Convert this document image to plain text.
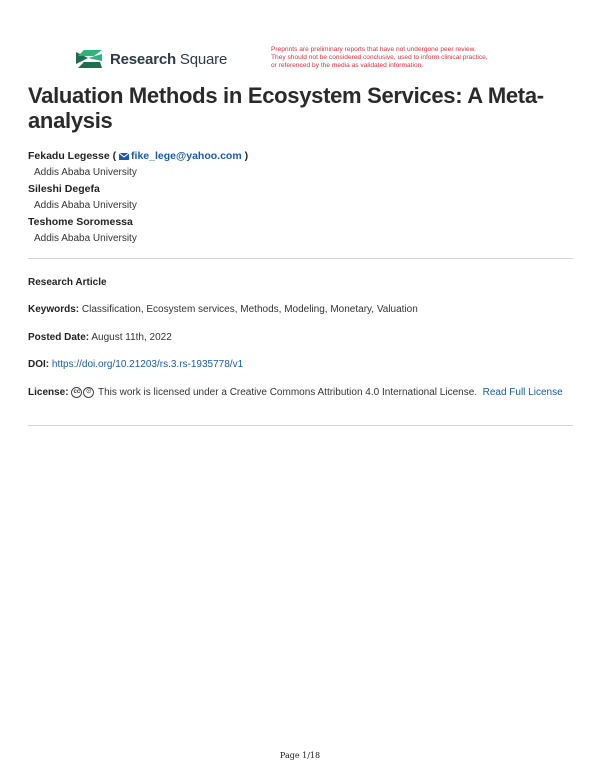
Research Square
Preprints are preliminary reports that have not undergone peer review.
They should not be considered conclusive, used to inform clinical practice,
or referenced by the media as validated information.
Valuation Methods in Ecosystem Services: A Meta-analysis
Fekadu Legesse ( fike_lege@yahoo.com )
Addis Ababa University
Sileshi Degefa
Addis Ababa University
Teshome Soromessa
Addis Ababa University
Research Article
Keywords: Classification, Ecosystem services, Methods, Modeling, Monetary, Valuation
Posted Date: August 11th, 2022
DOI: https://doi.org/10.21203/rs.3.rs-1935778/v1
License: cc ☉ This work is licensed under a Creative Commons Attribution 4.0 International License. Read Full License
Page 1/18
